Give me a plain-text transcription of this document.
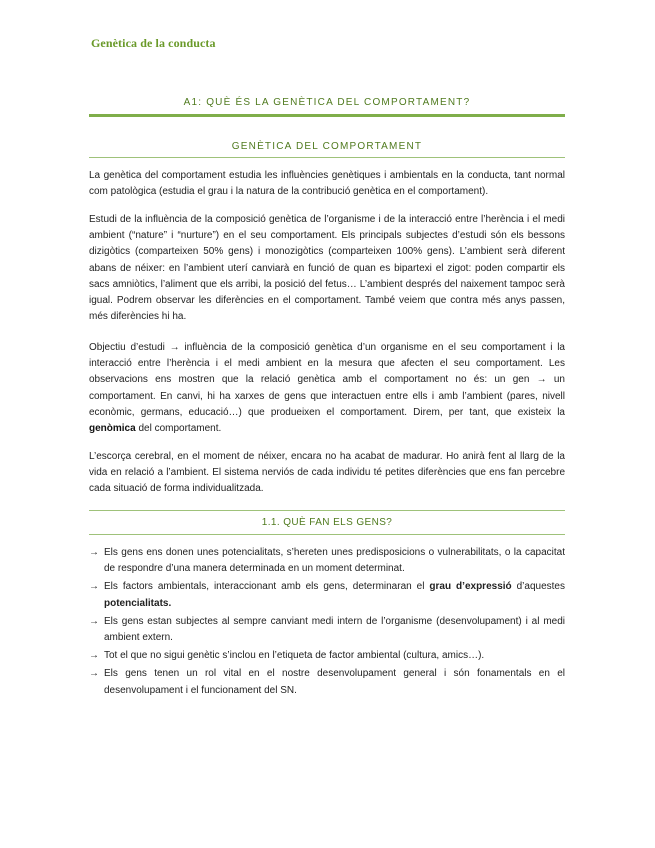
Genètica de la conducta
A1: QUÈ ÉS LA GENÈTICA DEL COMPORTAMENT?
GENÈTICA DEL COMPORTAMENT
La genètica del comportament estudia les influències genètiques i ambientals en la conducta, tant normal com patològica (estudia el grau i la natura de la contribució genètica en el comportament).
Estudi de la influència de la composició genètica de l’organisme i de la interacció entre l’herència i el medi ambient (“nature” i “nurture”) en el seu comportament. Els principals subjectes d’estudi són els bessons dizigòtics (comparteixen 50% gens) i monozigòtics (comparteixen 100% gens). L’ambient serà diferent abans de néixer: en l’ambient uterí canviarà en funció de quan es bipartexi el zigot: poden compartir els sacs amniòtics, l’aliment que els arribi, la posició del fetus… L’ambient després del naixement tampoc serà igual. Podrem observar les diferències en el comportament. També veiem que contra més anys passen, més diferències hi ha.
Objectiu d’estudi → influència de la composició genètica d’un organisme en el seu comportament i la interacció entre l’herència i el medi ambient en la mesura que afecten el seu comportament. Les observacions ens mostren que la relació genètica amb el comportament no és: un gen → un comportament. En canvi, hi ha xarxes de gens que interactuen entre ells i amb l’ambient (pares, nivell econòmic, germans, educació…) que produeixen el comportament. Direm, per tant, que existeix la genòmica del comportament.
L’escorça cerebral, en el moment de néixer, encara no ha acabat de madurar. Ho anirà fent al llarg de la vida en relació a l’ambient. El sistema nerviós de cada individu té petites diferències que ens fan percebre cada situació de forma individualitzada.
1.1. QUÈ FAN ELS GENS?
→ Els gens ens donen unes potencialitats, s’hereten unes predisposicions o vulnerabilitats, o la capacitat de respondre d’una manera determinada en un moment determinat.
→ Els factors ambientals, interaccionant amb els gens, determinaran el grau d’expressió d’aquestes potencialitats.
→ Els gens estan subjectes al sempre canviant medi intern de l’organisme (desenvolupament) i al medi ambient extern.
→ Tot el que no sigui genètic s’inclou en l’etiqueta de factor ambiental (cultura, amics…).
→ Els gens tenen un rol vital en el nostre desenvolupament general i són fonamentals en el desenvolupament i el funcionament del SN.
